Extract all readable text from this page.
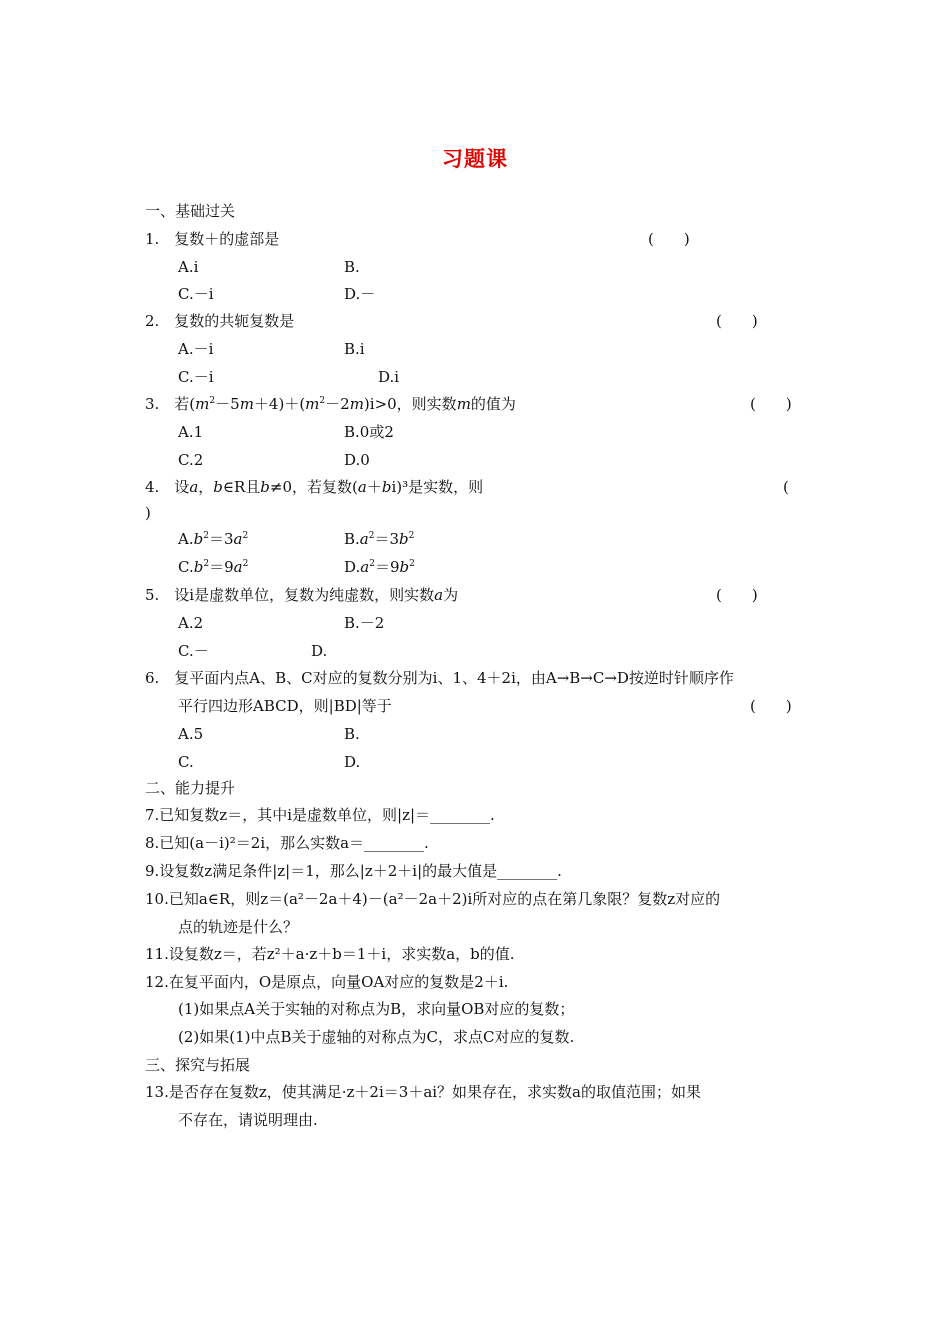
习题课
一、基础过关
1.　复数＋的虚部是	(　　)
A.i	B.
C.－i	D.－
2.　复数的共轭复数是	(　　)
A.－i	B.i
C.－i	D.i
3.　若$(m^2-5m+4)+(m^2-2m)i>0$，则实数m的值为	(　　)
A.1	B.0或2
C.2	D.0
4.　设a，b∈R且b≠0，若复数(a＋bi)³是实数，则	(
)
$A.b^2=3a^2$	$B.a^2=3b^2$
$C.b^2=9a^2$	$D.a^2=9b^2$
5.　设i是虚数单位，复数为纯虚数，则实数a为	(　　)
A.2	B.－2
C.－	D.
6.　复平面内点A、B、C对应的复数分别为i、1、4＋2i，由A→B→C→D按逆时针顺序作
平行四边形ABCD，则|BD|等于	(　　)
A.5	B.
C.	D.
二、能力提升
7.已知复数z＝，其中i是虚数单位，则|z|＝________.
8.已知(a－i)²＝2i，那么实数a＝________.
9.设复数z满足条件|z|＝1，那么|z＋2＋i|的最大值是________.
10.已知a∈R，则z＝(a²－2a＋4)－(a²－2a＋2)i所对应的点在第几象限？复数z对应的
点的轨迹是什么？
11.设复数z＝，若z²＋a·z＋b＝1＋i，求实数a，b的值.
12.在复平面内，O是原点，向量OA对应的复数是2＋i.
(1)如果点A关于实轴的对称点为B，求向量OB对应的复数；
(2)如果(1)中点B关于虚轴的对称点为C，求点C对应的复数.
三、探究与拓展
13.是否存在复数z，使其满足·z＋2i＝3＋ai？如果存在，求实数a的取值范围；如果
不存在，请说明理由.
